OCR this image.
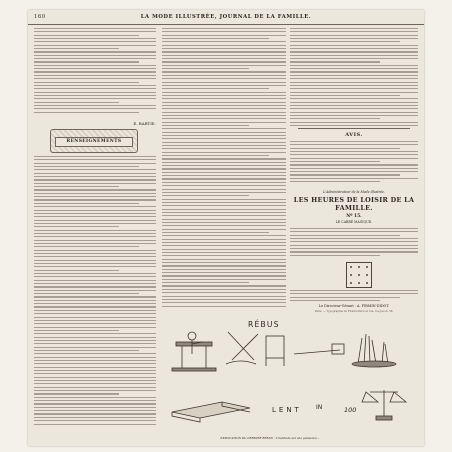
160	LA MODE ILLUSTRÉE, JOURNAL DE LA FAMILLE.
E. BARTIE.
RENSEIGNEMENTS
AVIS.
L'Administrateur de la Mode illustrée.
LES HEURES DE LOISIR DE LA FAMILLE.
Nº 15.
LE CARRÉ MAGIQUE.
Le Directeur-Gérant : A. FIRMIN-DIDOT.
Paris. — Typographie de Firmin-Didot et Cie, rue Jacob, 56.
RÉBUS
LENT IN	100
EXPLICATION DU DERNIER RÉBUS : L'habitude est une puissance...
